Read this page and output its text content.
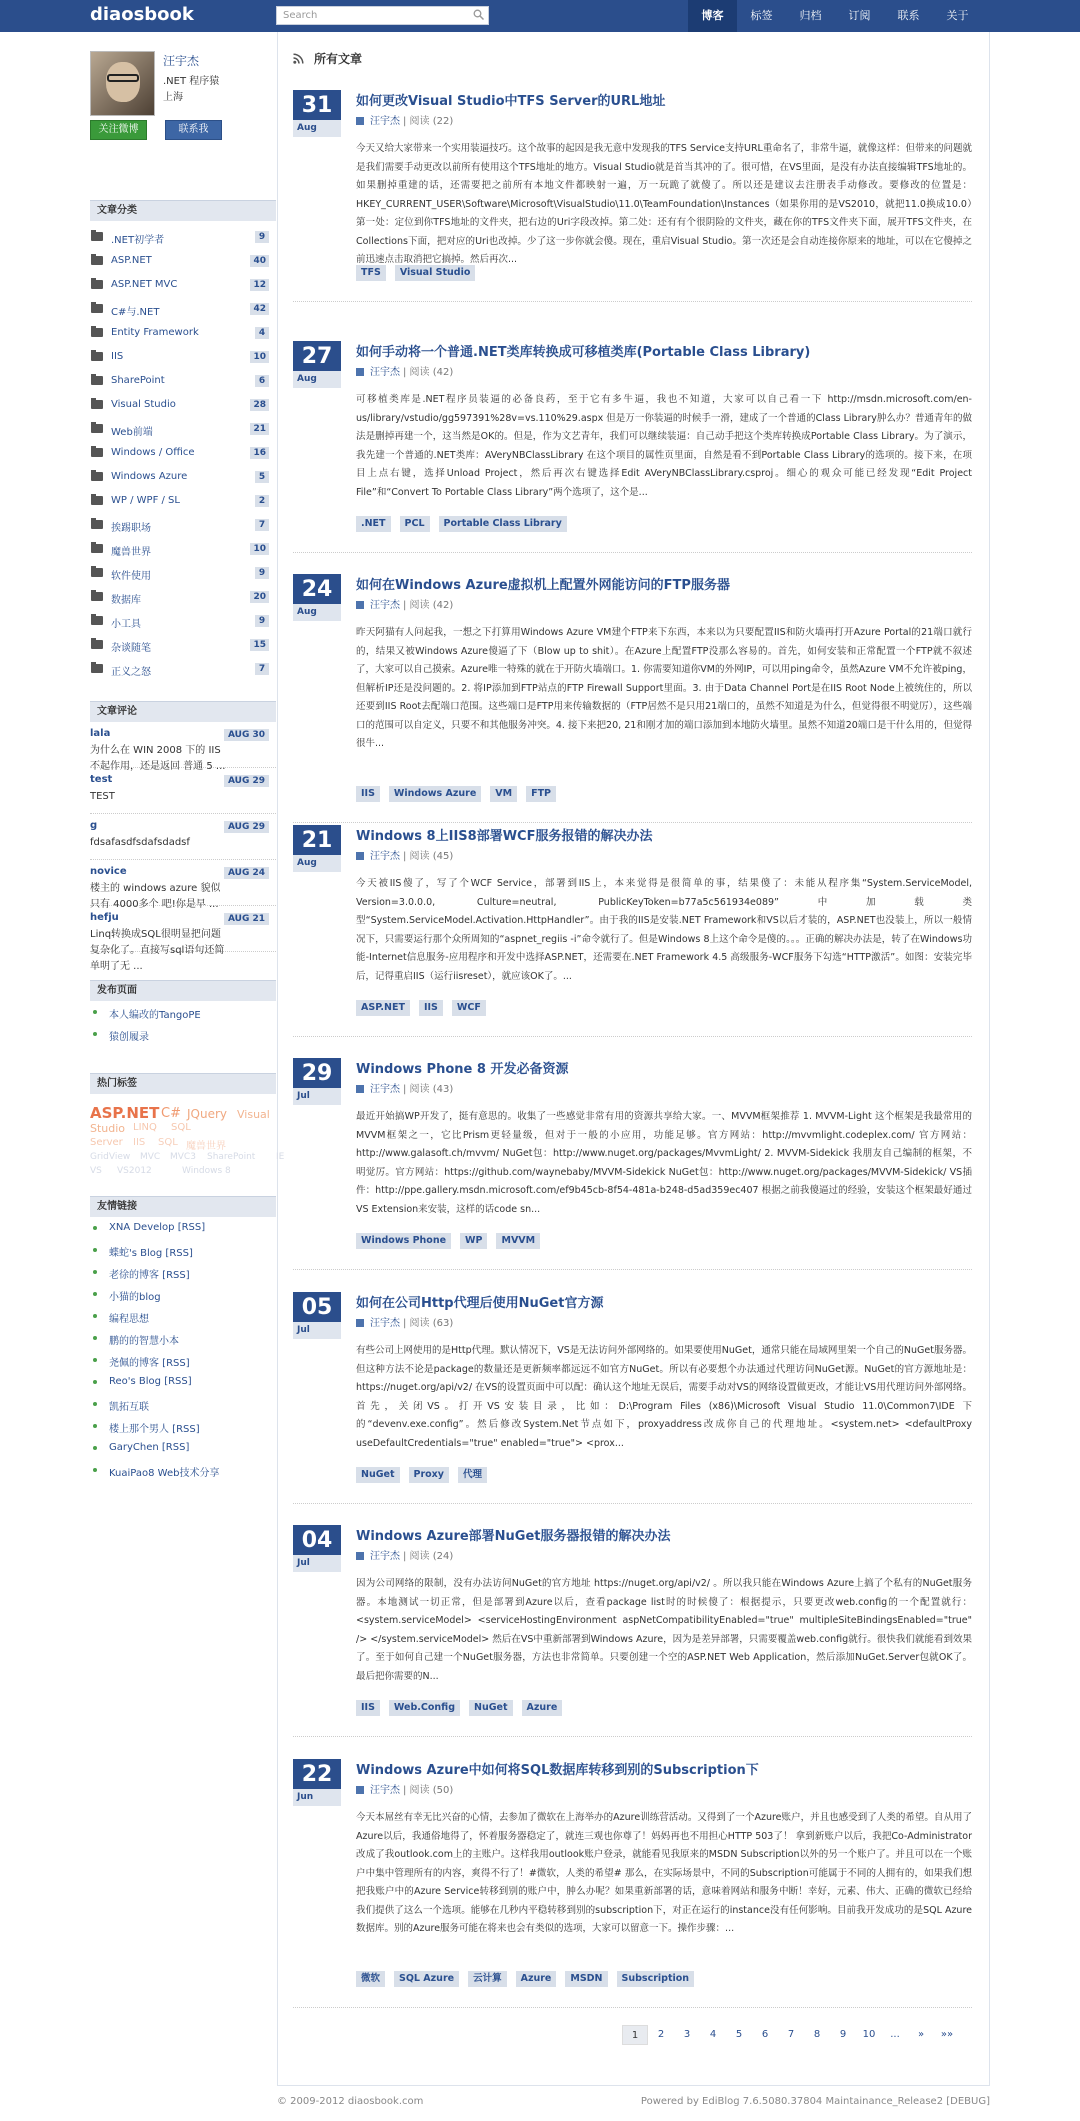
diaosbook	Search	博客	标签	归档	订阅	联系	关于
汪宇杰
.NET 程序猿
上海
关注微博	联系我
文章分类
.NET初学者	9
ASP.NET	40
ASP.NET MVC	12
C#与.NET	42
Entity Framework	4
IIS	10
SharePoint	6
Visual Studio	28
Web前端	21
Windows / Office	16
Windows Azure	5
WP / WPF / SL	2
挨踢职场	7
魔兽世界	10
软件使用	9
数据库	20
小工具	9
杂谈随笔	15
正义之怒	7
文章评论
lala	AUG 30
为什么在 WIN 2008 下的 IIS 不起作用，还是返回 普通 5 ...
test	AUG 29
TEST
g	AUG 29
fdsafasdfsdafsdadsf
novice	AUG 24
楼主的 windows azure 貌似只有 4000多个 吧!你是早 ...
hefju	AUG 21
Linq转换成SQL很明显把问题复杂化了。直接写sql语句还简单明了无 ...
发布页面
本人编改的TangoPE
猿创履录
热门标签
ASP.NET C# JQuery Visual
Studio LINQ SQL
Server IIS SQL 魔兽世界
GridView MVC MVC3 SharePoint IE
VS VS2012	Windows 8
友情链接
XNA Develop [RSS]
蝶蛇's Blog [RSS]
老徐的博客 [RSS]
小猫的blog
编程思想
鹏的的智慧小本
尧佩的博客 [RSS]
Reo's Blog [RSS]
凯拓互联
楼上那个男人 [RSS]
GaryChen [RSS]
KuaiPao8 Web技术分享
所有文章
31
Aug
如何更改Visual Studio中TFS Server的URL地址
汪宇杰 | 阅读 (22)
今天又给大家带来一个实用装逼技巧。这个故事的起因是我无意中发现我的TFS Service支持URL重命名了，非常牛逼，就像这样：但带来的问题就是我们需要手动更改以前所有使用这个TFS地址的地方。Visual Studio就是首当其冲的了。很可惜，在VS里面，是没有办法直接编辑TFS地址的。如果删掉重建的话，还需要把之前所有本地文件都映射一遍，万一玩跪了就傻了。所以还是建议去注册表手动修改。要修改的位置是： HKEY_CURRENT_USER\Software\Microsoft\VisualStudio\11.0\TeamFoundation\Instances（如果你用的是VS2010，就把11.0换成10.0）第一处：定位到你TFS地址的文件夹，把右边的Uri字段改掉。第二处：还有有个很阴险的文件夹，藏在你的TFS文件夹下面，展开TFS文件夹，在Collections下面，把对应的Uri也改掉。少了这一步你就会傻。现在，重启Visual Studio。第一次还是会自动连接你原来的地址，可以在它傻掉之前迅速点击取消把它搞掉。然后再次...
TFS	Visual Studio
27
Aug
如何手动将一个普通.NET类库转换成可移植类库(Portable Class Library)
汪宇杰 | 阅读 (42)
可移植类库是.NET程序员装逼的必备良药，至于它有多牛逼，我也不知道，大家可以自己看一下 http://msdn.microsoft.com/en-us/library/vstudio/gg597391%28v=vs.110%29.aspx 但是万一你装逼的时候手一滑，建成了一个普通的Class Library肿么办？普通青年的做法是删掉再建一个，这当然是OK的。但是，作为文艺青年，我们可以继续装逼：自己动手把这个类库转换成Portable Class Library。为了演示，我先建一个普通的.NET类库：AVeryNBClassLibrary 在这个项目的属性页里面，自然是看不到Portable Class Library的选项的。接下来，在项目上点右键，选择Unload Project，然后再次右键选择Edit AVeryNBClassLibrary.csproj。细心的观众可能已经发现“Edit Project File”和“Convert To Portable Class Library”两个选项了，这个是...
.NET	PCL	Portable Class Library
24
Aug
如何在Windows Azure虚拟机上配置外网能访问的FTP服务器
汪宇杰 | 阅读 (42)
昨天阿猫有人问起我，一想之下打算用Windows Azure VM建个FTP来下东西，本来以为只要配置IIS和防火墙再打开Azure Portal的21端口就行的，结果又被Windows Azure傻逼了下（Blow up to shit）。在Azure上配置FTP没那么容易的。首先，如何安装和正常配置一个FTP就不叙述了，大家可以自己摸索。Azure唯一特殊的就在于开防火墙端口。1. 你需要知道你VM的外网IP，可以用ping命令，虽然Azure VM不允许被ping，但解析IP还是没问题的。2. 将IP添加到FTP站点的FTP Firewall Support里面。3. 由于Data Channel Port是在IIS Root Node上被统住的，所以还要到IIS Root去配端口范围。这些端口是FTP用来传输数据的（FTP居然不是只用21端口的，虽然不知道是为什么，但觉得很不明觉厉），这些端口的范围可以自定义，只要不和其他服务冲突。4. 接下来把20, 21和刚才加的端口添加到本地防火墙里。虽然不知道20端口是干什么用的，但觉得很牛...
IIS	Windows Azure	VM	FTP
21
Aug
Windows 8上IIS8部署WCF服务报错的解决办法
汪宇杰 | 阅读 (45)
今天被IIS傻了，写了个WCF Service，部署到IIS上，本来觉得是很简单的事，结果傻了：未能从程序集“System.ServiceModel, Version=3.0.0.0, Culture=neutral, PublicKeyToken=b77a5c561934e089”中加载类型“System.ServiceModel.Activation.HttpHandler”。由于我的IIS是安装.NET Framework和VS以后才装的，ASP.NET也没装上，所以一般情况下，只需要运行那个众所周知的“aspnet_regiis -i”命令就行了。但是Windows 8上这个命令是傻的。。。正确的解决办法是，转了在Windows功能-Internet信息服务-应用程序和开发中选择ASP.NET，还需要在.NET Framework 4.5 高级服务-WCF服务下勾选“HTTP激活”。如图：安装完毕后，记得重启IIS（运行iisreset），就应该OK了。...
ASP.NET	IIS	WCF
29
Jul
Windows Phone 8 开发必备资源
汪宇杰 | 阅读 (43)
最近开始搞WP开发了，挺有意思的。收集了一些感觉非常有用的资源共享给大家。一、MVVM框架推荐 1. MVVM-Light 这个框架是我最常用的MVVM框架之一，它比Prism更轻量级，但对于一般的小应用，功能足够。官方网站：http://mvvmlight.codeplex.com/ 官方网站：http://www.galasoft.ch/mvvm/ NuGet包：http://www.nuget.org/packages/MvvmLight/ 2. MVVM-Sidekick 我朋友自己编制的框架，不明觉厉。官方网站：https://github.com/waynebaby/MVVM-Sidekick NuGet包：http://www.nuget.org/packages/MVVM-Sidekick/ VS插件：http://ppe.gallery.msdn.microsoft.com/ef9b45cb-8f54-481a-b248-d5ad359ec407 根据之前我傻逼过的经验，安装这个框架最好通过VS Extension来安装，这样的话code sn...
Windows Phone	WP	MVVM
05
Jul
如何在公司Http代理后使用NuGet官方源
汪宇杰 | 阅读 (63)
有些公司上网使用的是Http代理。默认情况下，VS是无法访问外部网络的。如果要使用NuGet，通常只能在局域网里架一个自己的NuGet服务器。但这种方法不论是package的数量还是更新频率都远远不如官方NuGet。所以有必要想个办法通过代理访问NuGet源。NuGet的官方源地址是：https://nuget.org/api/v2/ 在VS的设置页面中可以配：确认这个地址无误后，需要手动对VS的网络设置做更改，才能让VS用代理访问外部网络。首先，关闭VS。打开VS安装目录，比如：D:\Program Files (x86)\Microsoft Visual Studio 11.0\Common7\IDE 下的“devenv.exe.config”。然后修改System.Net节点如下，proxyaddress改成你自己的代理地址。<system.net> <defaultProxy useDefaultCredentials="true" enabled="true"> <prox...
NuGet	Proxy	代理
04
Jul
Windows Azure部署NuGet服务器报错的解决办法
汪宇杰 | 阅读 (24)
因为公司网络的限制，没有办法访问NuGet的官方地址 https://nuget.org/api/v2/ 。所以我只能在Windows Azure上搞了个私有的NuGet服务器。本地测试一切正常，但是部署到Azure以后，查看package list时的时候傻了：根据提示，只要更改web.config的一个配置就行： <system.serviceModel> <serviceHostingEnvironment aspNetCompatibilityEnabled="true" multipleSiteBindingsEnabled="true" /> </system.serviceModel> 然后在VS中重新部署到Windows Azure，因为是差异部署，只需要覆盖web.config就行。很快我们就能看到效果了。至于如何自己建一个NuGet服务器，方法也非常简单。只要创建一个空的ASP.NET Web Application，然后添加NuGet.Server包就OK了。最后把你需要的N...
IIS	Web.Config	NuGet	Azure
22
Jun
Windows Azure中如何将SQL数据库转移到别的Subscription下
汪宇杰 | 阅读 (50)
今天本屌丝有幸无比兴奋的心情，去参加了微软在上海举办的Azure训练营活动。又得到了一个Azure账户，并且也感受到了人类的希望。自从用了Azure以后，我通俗地得了，怀着服务器稳定了，就连三观也你尊了！妈妈再也不用担心HTTP 503了！ 拿到新账户以后，我把Co-Administrator改成了我outlook.com上的主账户。这样我用outlook账户登录，就能看见我原来的MSDN Subscription以外的另一个账户了。并且可以在一个账户中集中管理所有的内容，爽得不行了！#微软，人类的希望# 那么，在实际场景中，不同的Subscription可能属于不同的人拥有的，如果我们想把我账户中的Azure Service转移到别的账户中，肿么办呢？如果重新部署的话，意味着网站和服务中断！幸好，元素、伟大、正确的微软已经给我们提供了这么一个选项。能够在几秒内平稳转移到别的subscription下，对正在运行的instance没有任何影响。目前我开发成功的是SQL Azure数据库。别的Azure服务可能在将来也会有类似的选项，大家可以留意一下。操作步骤：...
微软	SQL Azure	云计算	Azure	MSDN	Subscription
1	2	3	4	5	6	7	8	9	10	...	»	»»
© 2009-2012 diaosbook.com	Powered by EdiBlog 7.6.5080.37804 Maintainance_Release2 [DEBUG]
